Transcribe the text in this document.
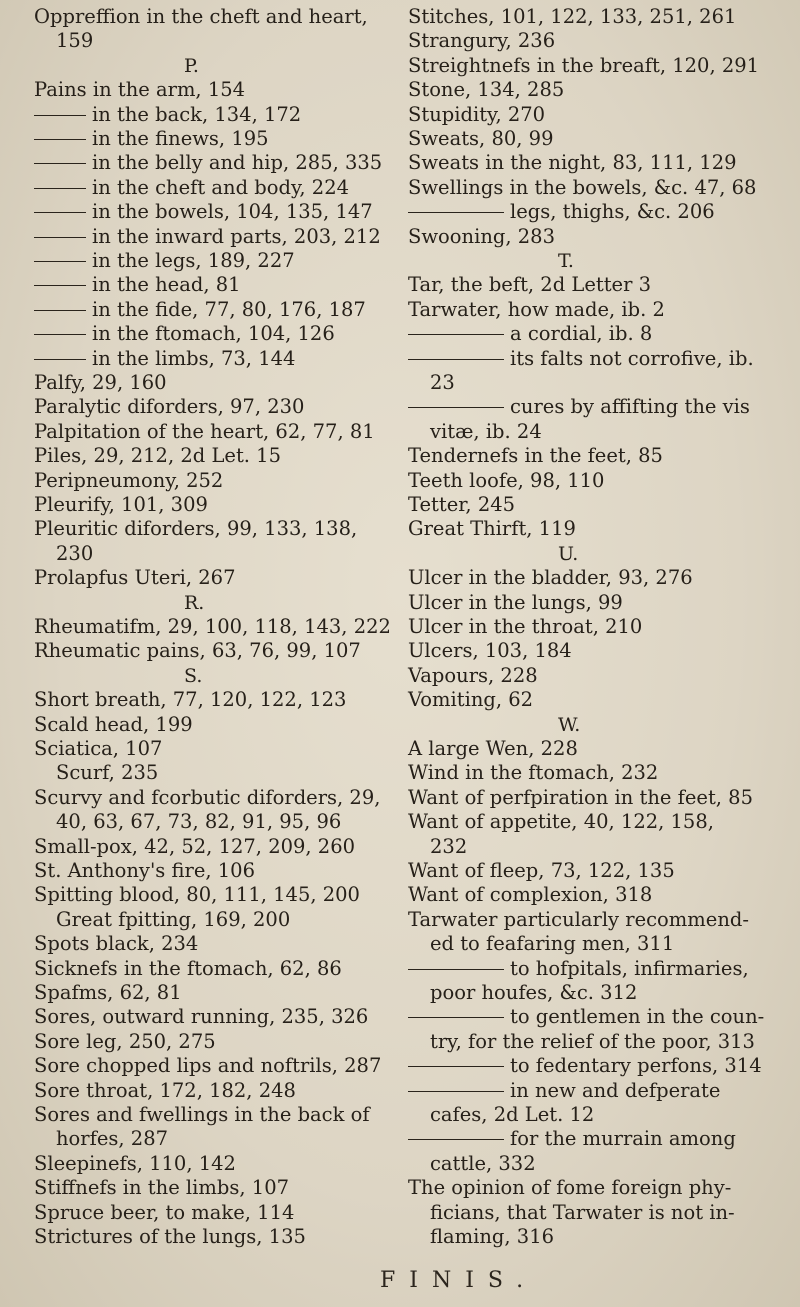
Oppreffion in the cheft and heart,
159
P.
Pains in the arm, 154
in the back, 134, 172
in the finews, 195
in the belly and hip, 285, 335
in the cheft and body, 224
in the bowels, 104, 135, 147
in the inward parts, 203, 212
in the legs, 189, 227
in the head, 81
in the fide, 77, 80, 176, 187
in the ftomach, 104, 126
in the limbs, 73, 144
Palfy, 29, 160
Paralytic diforders, 97, 230
Palpitation of the heart, 62, 77, 81
Piles, 29, 212, 2d Let. 15
Peripneumony, 252
Pleurify, 101, 309
Pleuritic diforders, 99, 133, 138,
230
Prolapfus Uteri, 267
R.
Rheumatifm, 29, 100, 118, 143, 222
Rheumatic pains, 63, 76, 99, 107
S.
Short breath, 77, 120, 122, 123
Scald head, 199
Sciatica, 107
Scurf, 235
Scurvy and fcorbutic diforders, 29,
40, 63, 67, 73, 82, 91, 95, 96
Small-pox, 42, 52, 127, 209, 260
St. Anthony's fire, 106
Spitting blood, 80, 111, 145, 200
Great fpitting, 169, 200
Spots black, 234
Sicknefs in the ftomach, 62, 86
Spafms, 62, 81
Sores, outward running, 235, 326
Sore leg, 250, 275
Sore chopped lips and noftrils, 287
Sore throat, 172, 182, 248
Sores and fwellings in the back of
horfes, 287
Sleepinefs, 110, 142
Stiffnefs in the limbs, 107
Spruce beer, to make, 114
Strictures of the lungs, 135
Stitches, 101, 122, 133, 251, 261
Strangury, 236
Streightnefs in the breaft, 120, 291
Stone, 134, 285
Stupidity, 270
Sweats, 80, 99
Sweats in the night, 83, 111, 129
Swellings in the bowels, &c. 47, 68
legs, thighs, &c. 206
Swooning, 283
T.
Tar, the beft, 2d Letter 3
Tarwater, how made, ib. 2
a cordial, ib. 8
its falts not corrofive, ib.
23
cures by affifting the vis
vitæ, ib. 24
Tendernefs in the feet, 85
Teeth loofe, 98, 110
Tetter, 245
Great Thirft, 119
U.
Ulcer in the bladder, 93, 276
Ulcer in the lungs, 99
Ulcer in the throat, 210
Ulcers, 103, 184
Vapours, 228
Vomiting, 62
W.
A large Wen, 228
Wind in the ftomach, 232
Want of perfpiration in the feet, 85
Want of appetite, 40, 122, 158,
232
Want of fleep, 73, 122, 135
Want of complexion, 318
Tarwater particularly recommend-
ed to feafaring men, 311
to hofpitals, infirmaries,
poor houfes, &c. 312
to gentlemen in the coun-
try, for the relief of the poor, 313
to fedentary perfons, 314
in new and defperate
cafes, 2d Let. 12
for the murrain among
cattle, 332
The opinion of fome foreign phy-
ficians, that Tarwater is not in-
flaming, 316
FINIS.
